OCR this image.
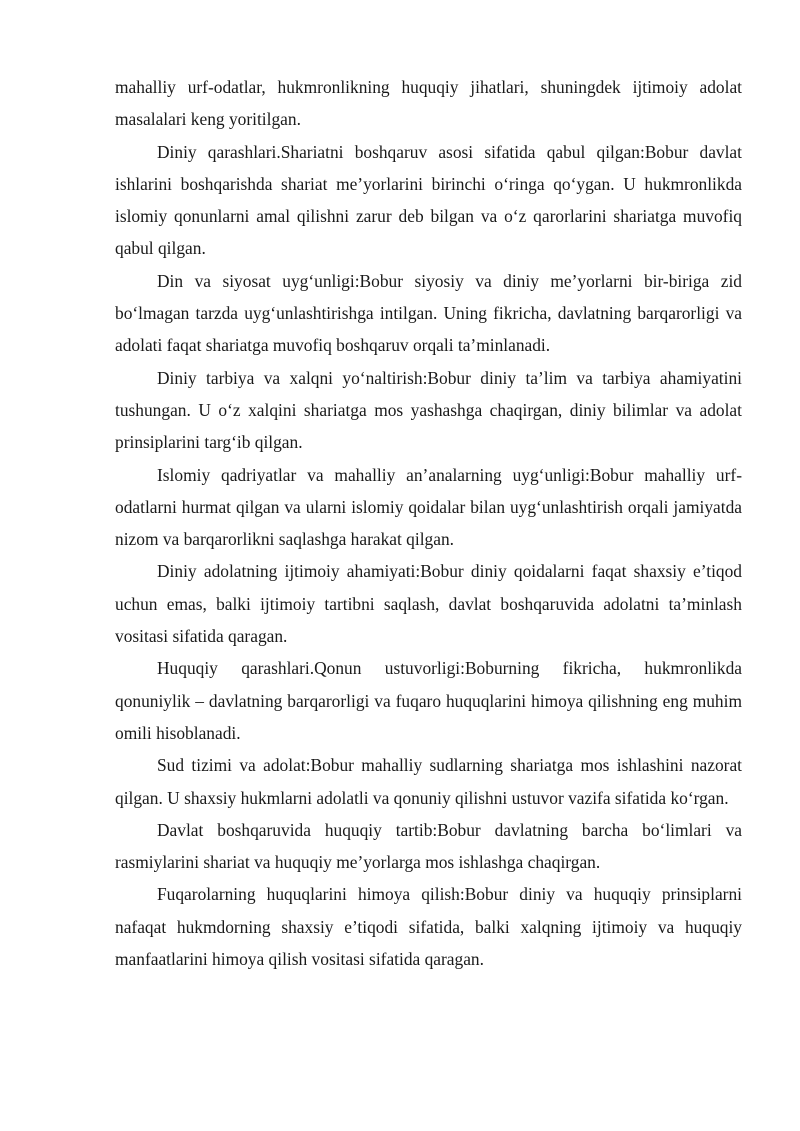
mahalliy urf-odatlar, hukmronlikning huquqiy jihatlari, shuningdek ijtimoiy adolat masalalari keng yoritilgan.

Diniy qarashlari.Shariatni boshqaruv asosi sifatida qabul qilgan:Bobur davlat ishlarini boshqarishda shariat me’yorlarini birinchi o‘ringa qo‘ygan. U hukmronlikda islomiy qonunlarni amal qilishni zarur deb bilgan va o‘z qarorlarini shariatga muvofiq qabul qilgan.

Din va siyosat uyg‘unligi:Bobur siyosiy va diniy me’yorlarni bir-biriga zid bo‘lmagan tarzda uyg‘unlashtirishga intilgan. Uning fikricha, davlatning barqarorligi va adolati faqat shariatga muvofiq boshqaruv orqali ta’minlanadi.

Diniy tarbiya va xalqni yo‘naltirish:Bobur diniy ta’lim va tarbiya ahamiyatini tushungan. U o‘z xalqini shariatga mos yashashga chaqirgan, diniy bilimlar va adolat prinsiplarini targ‘ib qilgan.

Islomiy qadriyatlar va mahalliy an’analarning uyg‘unligi:Bobur mahalliy urf-odatlarni hurmat qilgan va ularni islomiy qoidalar bilan uyg‘unlashtirish orqali jamiyatda nizom va barqarorlikni saqlashga harakat qilgan.

Diniy adolatning ijtimoiy ahamiyati:Bobur diniy qoidalarni faqat shaxsiy e’tiqod uchun emas, balki ijtimoiy tartibni saqlash, davlat boshqaruvida adolatni ta’minlash vositasi sifatida qaragan.

Huquqiy qarashlari.Qonun ustuvorligi:Boburning fikricha, hukmronlikda qonuniylik – davlatning barqarorligi va fuqaro huquqlarini himoya qilishning eng muhim omili hisoblanadi.

Sud tizimi va adolat:Bobur mahalliy sudlarning shariatga mos ishlashini nazorat qilgan. U shaxsiy hukmlarni adolatli va qonuniy qilishni ustuvor vazifa sifatida ko‘rgan.

Davlat boshqaruvida huquqiy tartib:Bobur davlatning barcha bo‘limlari va rasmiylarini shariat va huquqiy me’yorlarga mos ishlashga chaqirgan.

Fuqarolarning huquqlarini himoya qilish:Bobur diniy va huquqiy prinsiplarni nafaqat hukmdorning shaxsiy e’tiqodi sifatida, balki xalqning ijtimoiy va huquqiy manfaatlarini himoya qilish vositasi sifatida qaragan.
